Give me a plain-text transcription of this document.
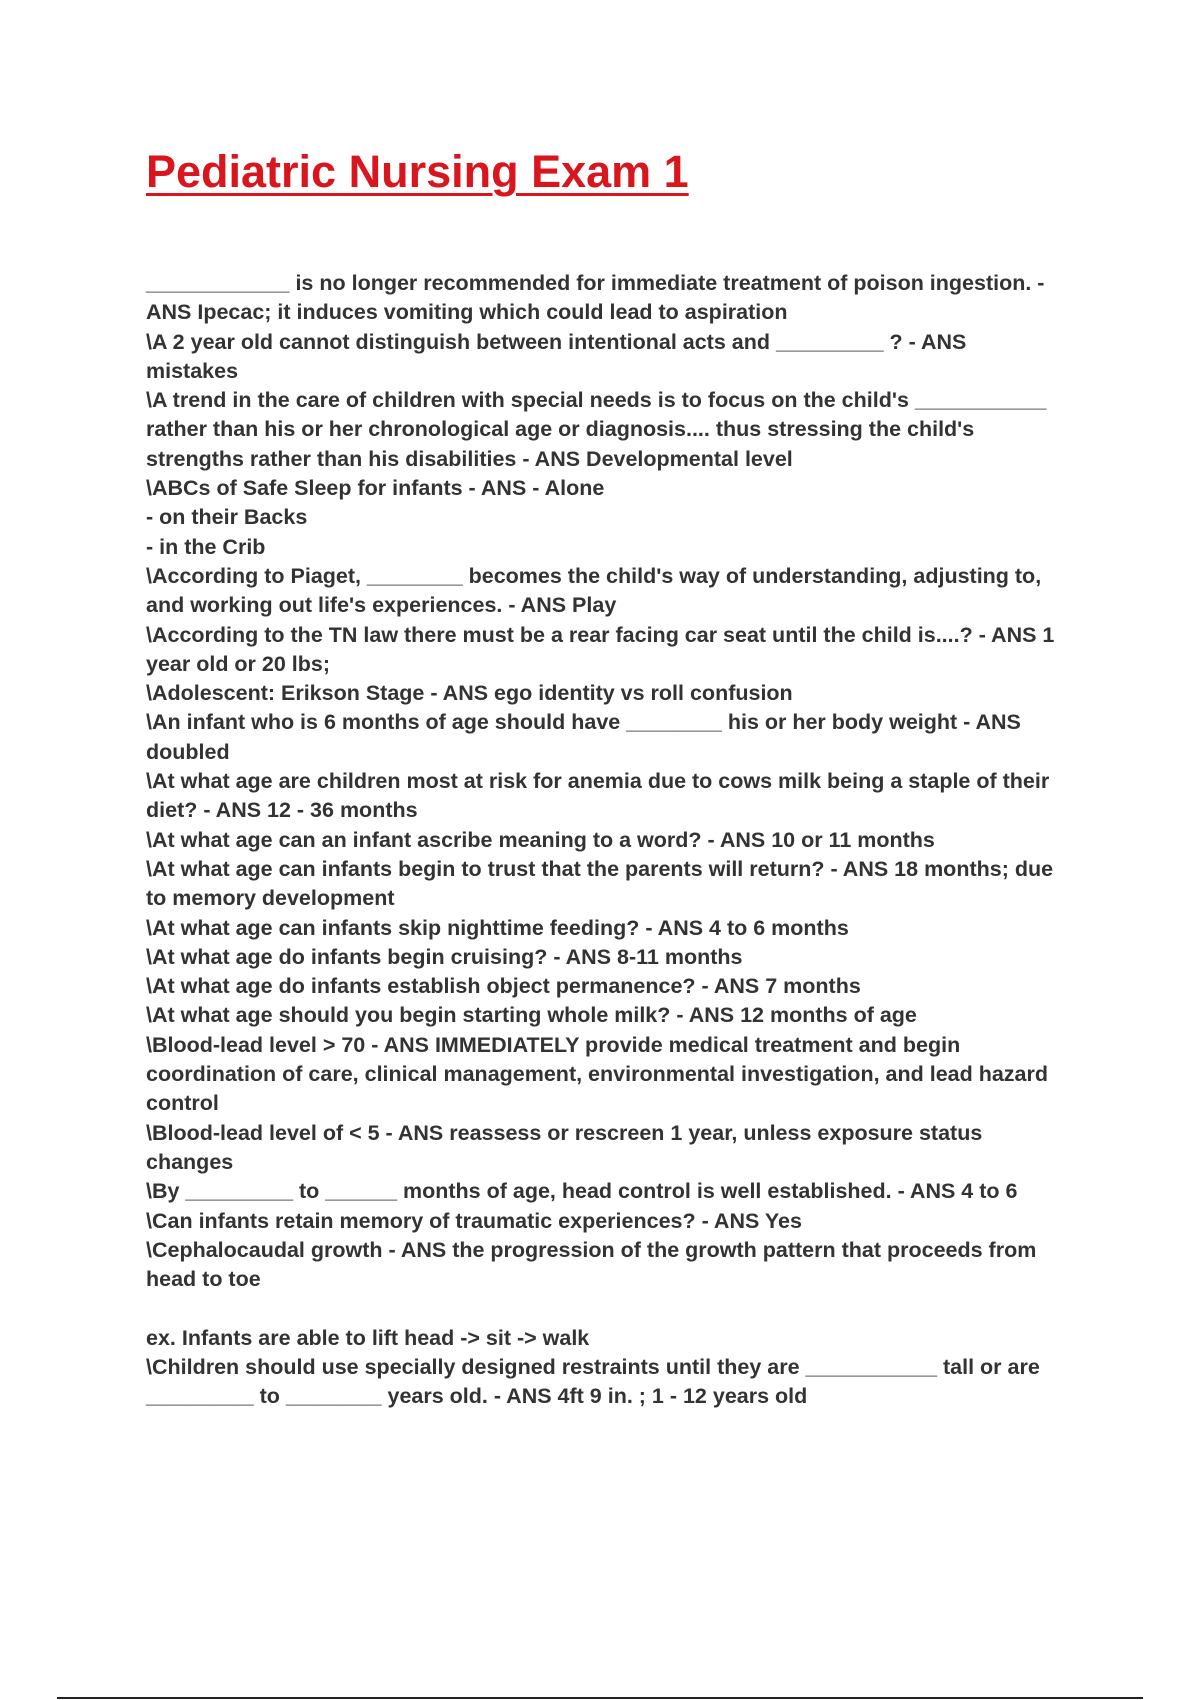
Pediatric Nursing Exam 1
____________ is no longer recommended for immediate treatment of poison ingestion. -
ANS Ipecac; it induces vomiting which could lead to aspiration
\A 2 year old cannot distinguish between intentional acts and _________ ? - ANS
mistakes
\A trend in the care of children with special needs is to focus on the child's ___________
rather than his or her chronological age or diagnosis.... thus stressing the child's
strengths rather than his disabilities - ANS Developmental level
\ABCs of Safe Sleep for infants - ANS - Alone
- on their Backs
- in the Crib
\According to Piaget, ________ becomes the child's way of understanding, adjusting to,
and working out life's experiences. - ANS Play
\According to the TN law there must be a rear facing car seat until the child is....? - ANS 1
year old or 20 lbs;
\Adolescent: Erikson Stage - ANS ego identity vs roll confusion
\An infant who is 6 months of age should have ________ his or her body weight - ANS
doubled
\At what age are children most at risk for anemia due to cows milk being a staple of their
diet? - ANS 12 - 36 months
\At what age can an infant ascribe meaning to a word? - ANS 10 or 11 months
\At what age can infants begin to trust that the parents will return? - ANS 18 months; due
to memory development
\At what age can infants skip nighttime feeding? - ANS 4 to 6 months
\At what age do infants begin cruising? - ANS 8-11 months
\At what age do infants establish object permanence? - ANS 7 months
\At what age should you begin starting whole milk? - ANS 12 months of age
\Blood-lead level > 70 - ANS IMMEDIATELY provide medical treatment and begin
coordination of care, clinical management, environmental investigation, and lead hazard
control
\Blood-lead level of < 5 - ANS reassess or rescreen 1 year, unless exposure status
changes
\By _________ to ______ months of age, head control is well established. - ANS 4 to 6
\Can infants retain memory of traumatic experiences? - ANS Yes
\Cephalocaudal growth - ANS the progression of the growth pattern that proceeds from
head to toe
ex. Infants are able to lift head -> sit -> walk
\Children should use specially designed restraints until they are ___________ tall or are
_________ to ________ years old. - ANS 4ft 9 in. ; 1 - 12 years old
